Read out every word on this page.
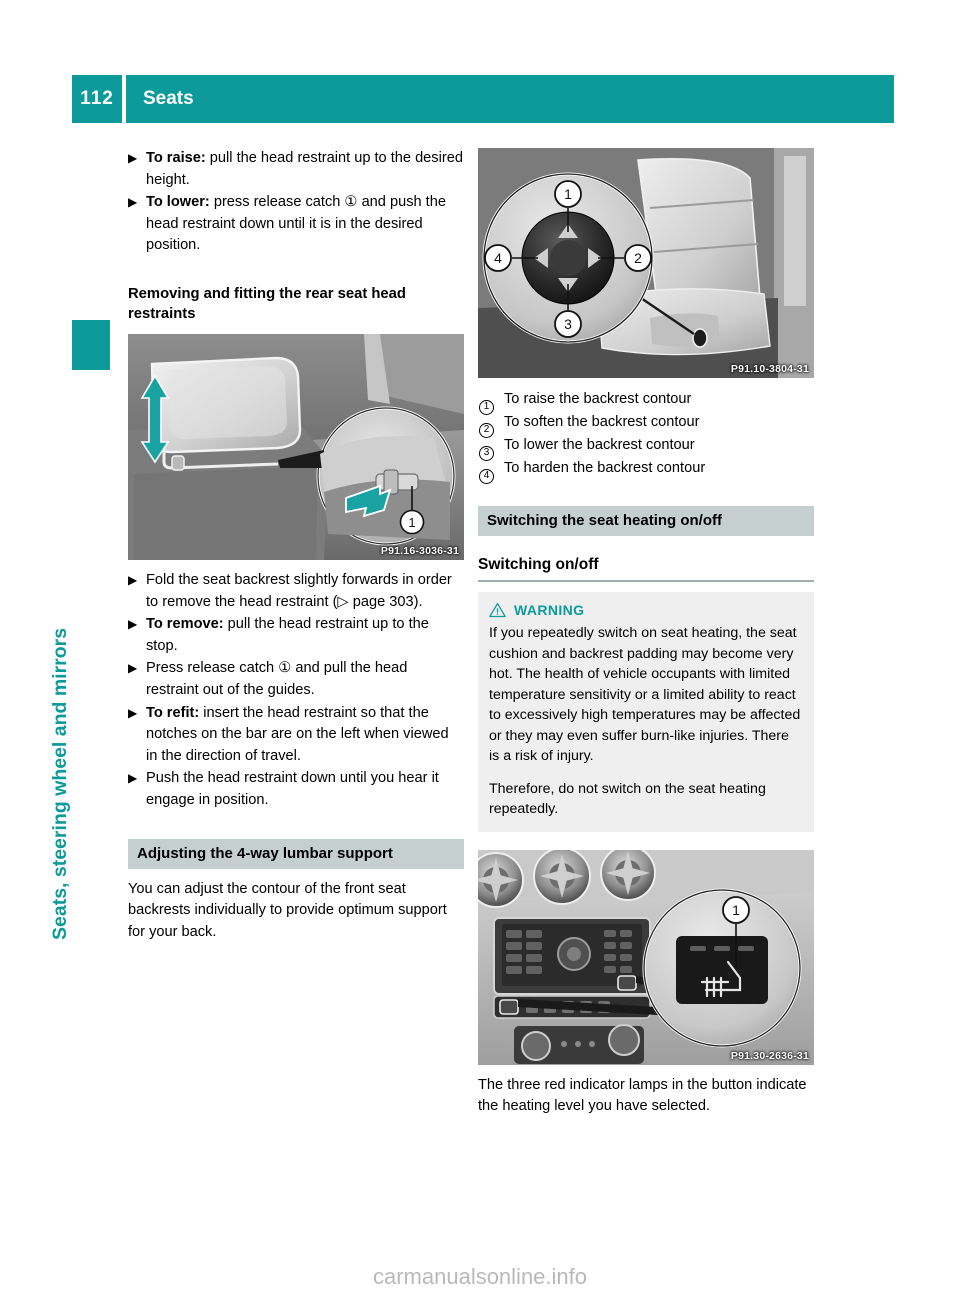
112	Seats
Seats, steering wheel and mirrors
▶ To raise: pull the head restraint up to the desired height.
▶ To lower: press release catch ① and push the head restraint down until it is in the desired position.
Removing and fitting the rear seat head restraints
1
P91.16-3036-31
▶ Fold the seat backrest slightly forwards in order to remove the head restraint (▷ page 303).
▶ To remove: pull the head restraint up to the stop.
▶ Press release catch ① and pull the head restraint out of the guides.
▶ To refit: insert the head restraint so that the notches on the bar are on the left when viewed in the direction of travel.
▶ Push the head restraint down until you hear it engage in position.
Adjusting the 4-way lumbar support

You can adjust the contour of the front seat backrests individually to provide optimum support for your back.

1
2
3
4
P91.10-3804-31
1	To raise the backrest contour
2	To soften the backrest contour
3	To lower the backrest contour
4	To harden the backrest contour
Switching the seat heating on/off
Switching on/off
WARNING

If you repeatedly switch on seat heating, the seat cushion and backrest padding may become very hot. The health of vehicle occupants with limited temperature sensitivity or a limited ability to react to excessively high temperatures may be affected or they may even suffer burn-like injuries. There is a risk of injury.

Therefore, do not switch on the seat heating repeatedly.

1
P91.30-2636-31

The three red indicator lamps in the button indicate the heating level you have selected.

carmanualsonline.info
